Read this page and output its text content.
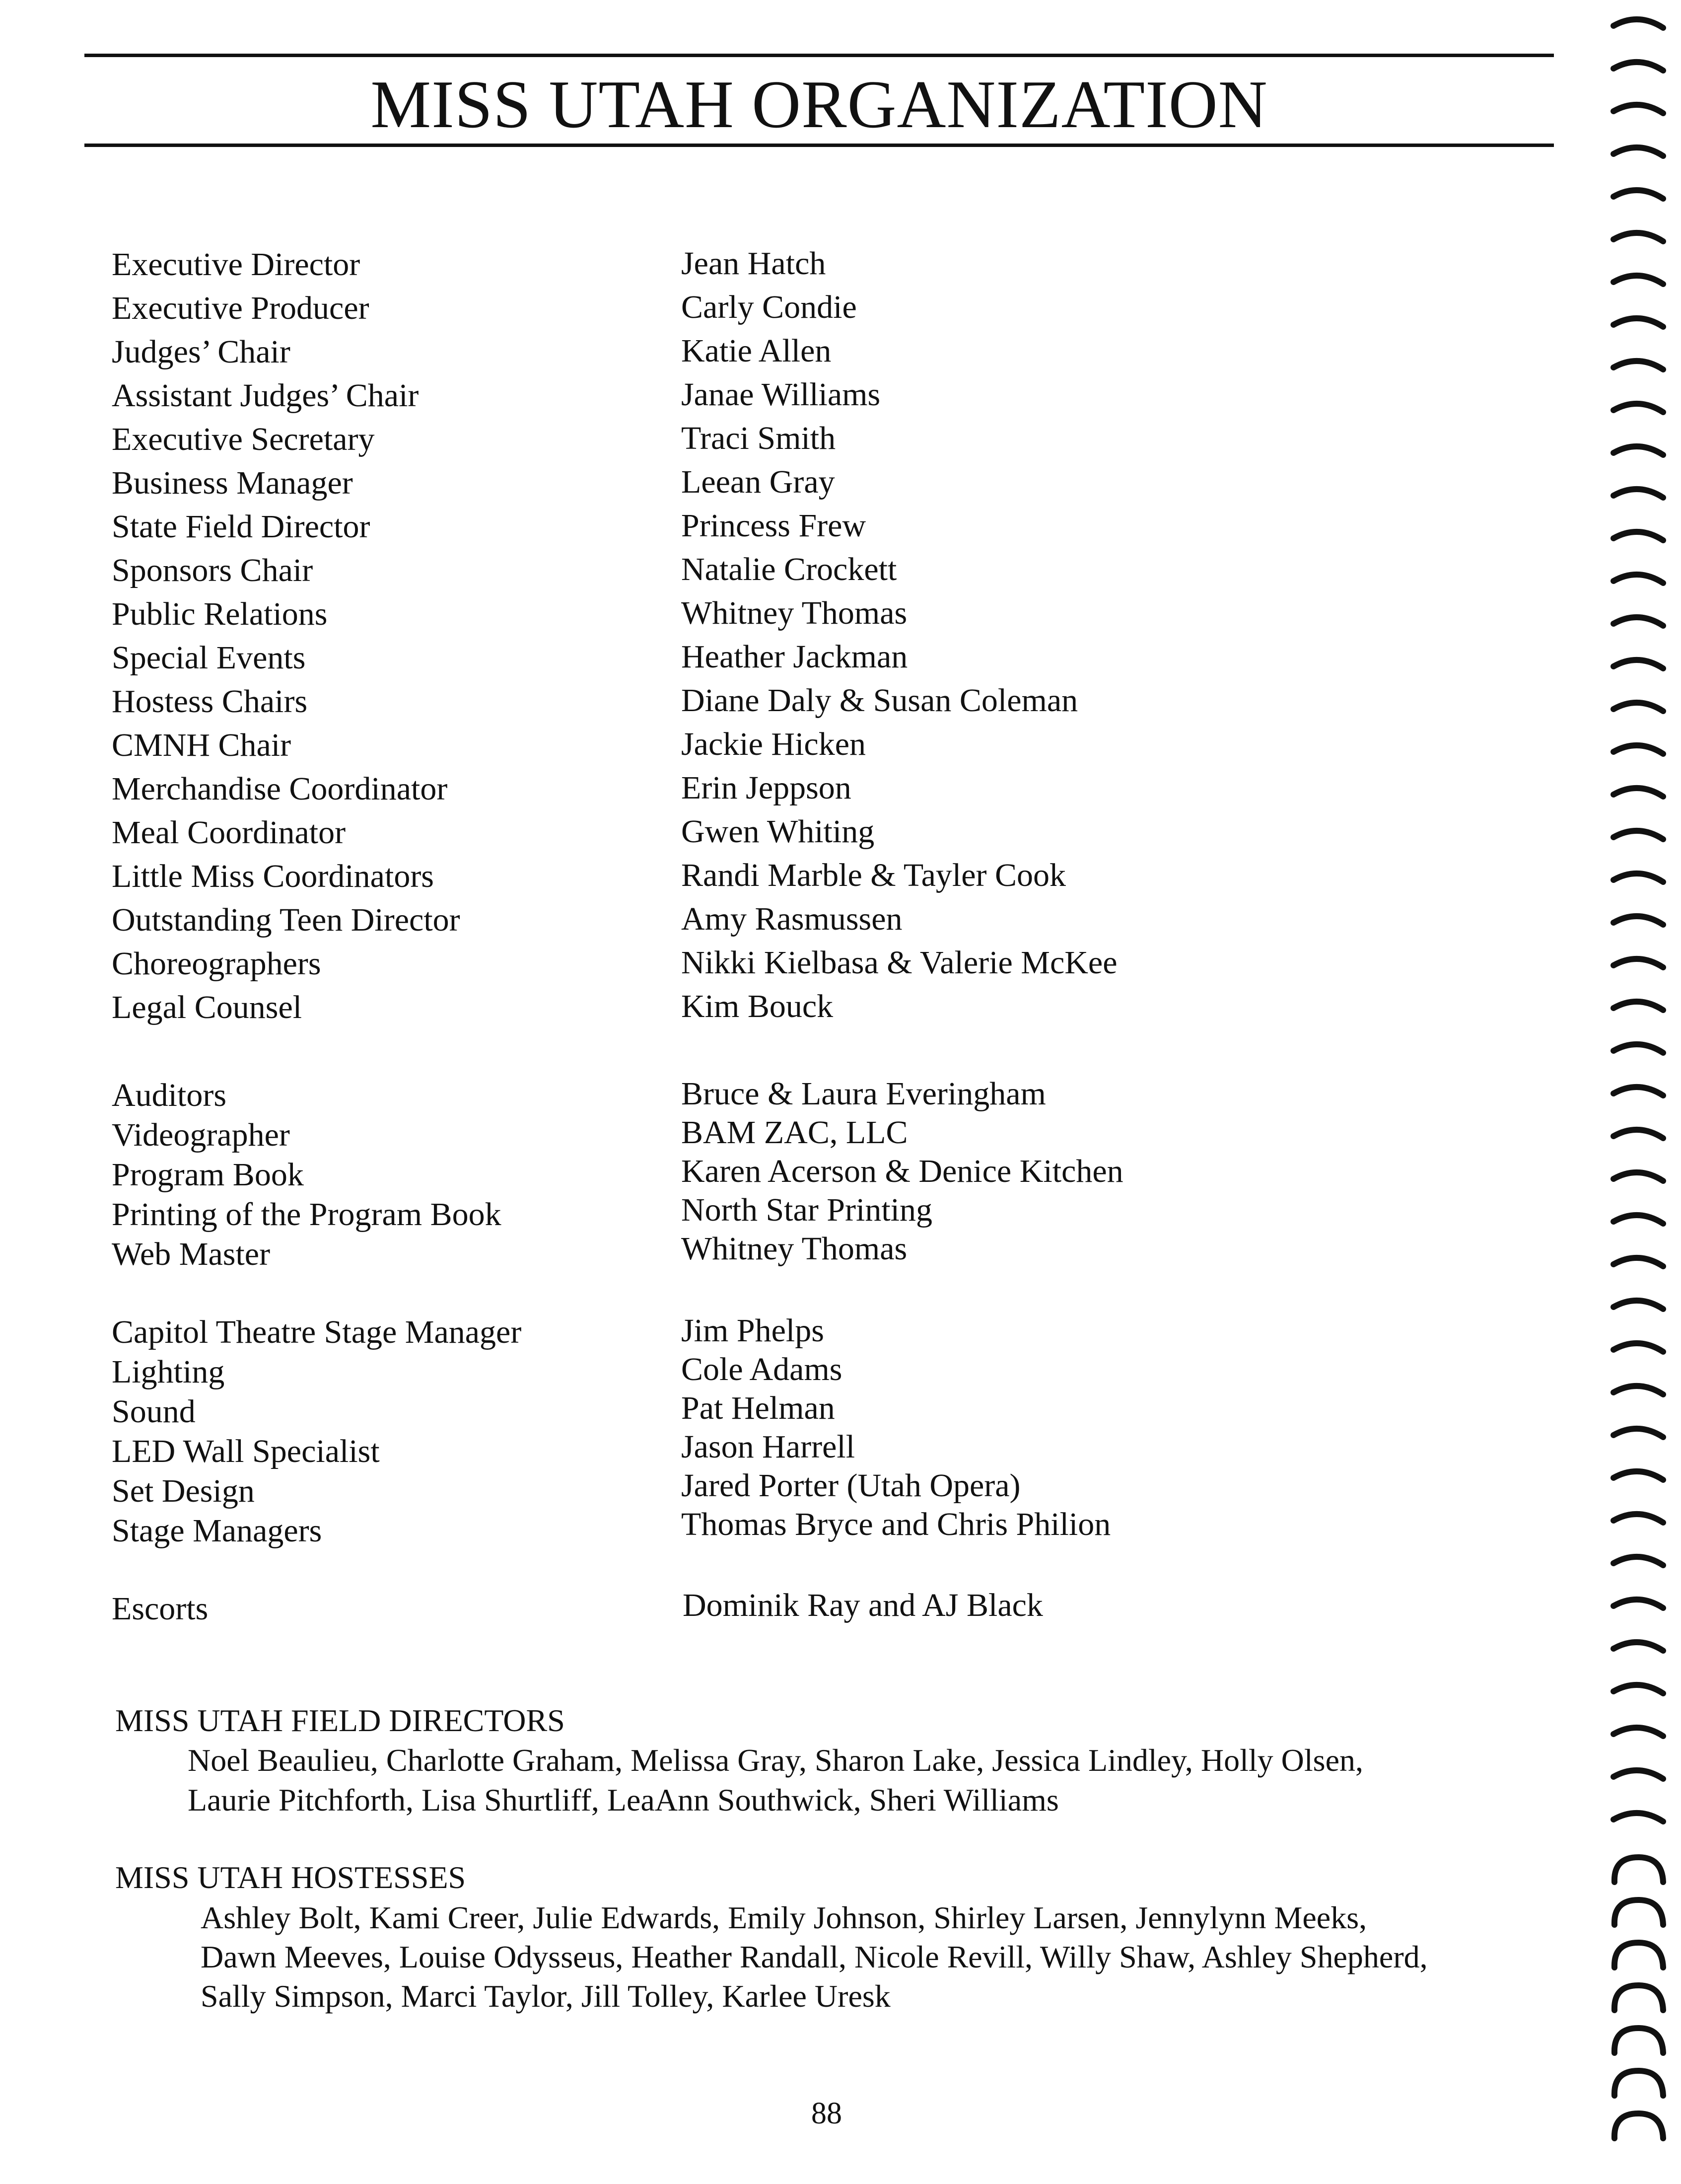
MISS UTAH ORGANIZATION
Executive Director	Jean Hatch
Executive Producer	Carly Condie
Judges’ Chair	Katie Allen
Assistant Judges’ Chair	Janae Williams
Executive Secretary	Traci Smith
Business Manager	Leean Gray
State Field Director	Princess Frew
Sponsors Chair	Natalie Crockett
Public Relations	Whitney Thomas
Special Events	Heather Jackman
Hostess Chairs	Diane Daly & Susan Coleman
CMNH Chair	Jackie Hicken
Merchandise Coordinator	Erin Jeppson
Meal Coordinator	Gwen Whiting
Little Miss Coordinators	Randi Marble & Tayler Cook
Outstanding Teen Director	Amy Rasmussen
Choreographers	Nikki Kielbasa & Valerie McKee
Legal Counsel	Kim Bouck
Auditors	Bruce & Laura Everingham
Videographer	BAM ZAC, LLC
Program Book	Karen Acerson & Denice Kitchen
Printing of the Program Book	North Star Printing
Web Master	Whitney Thomas
Capitol Theatre Stage Manager	Jim Phelps
Lighting	Cole Adams
Sound	Pat Helman
LED Wall Specialist	Jason Harrell
Set Design	Jared Porter (Utah Opera)
Stage Managers	Thomas Bryce and Chris Philion
Escorts	Dominik Ray and AJ Black
MISS UTAH FIELD DIRECTORS
Noel Beaulieu, Charlotte Graham, Melissa Gray, Sharon Lake, Jessica Lindley, Holly Olsen,
Laurie Pitchforth, Lisa Shurtliff, LeaAnn Southwick, Sheri Williams
MISS UTAH HOSTESSES
Ashley Bolt, Kami Creer, Julie Edwards, Emily Johnson, Shirley Larsen, Jennylynn Meeks,
Dawn Meeves, Louise Odysseus, Heather Randall, Nicole Revill, Willy Shaw, Ashley Shepherd,
Sally Simpson, Marci Taylor, Jill Tolley, Karlee Uresk
88
